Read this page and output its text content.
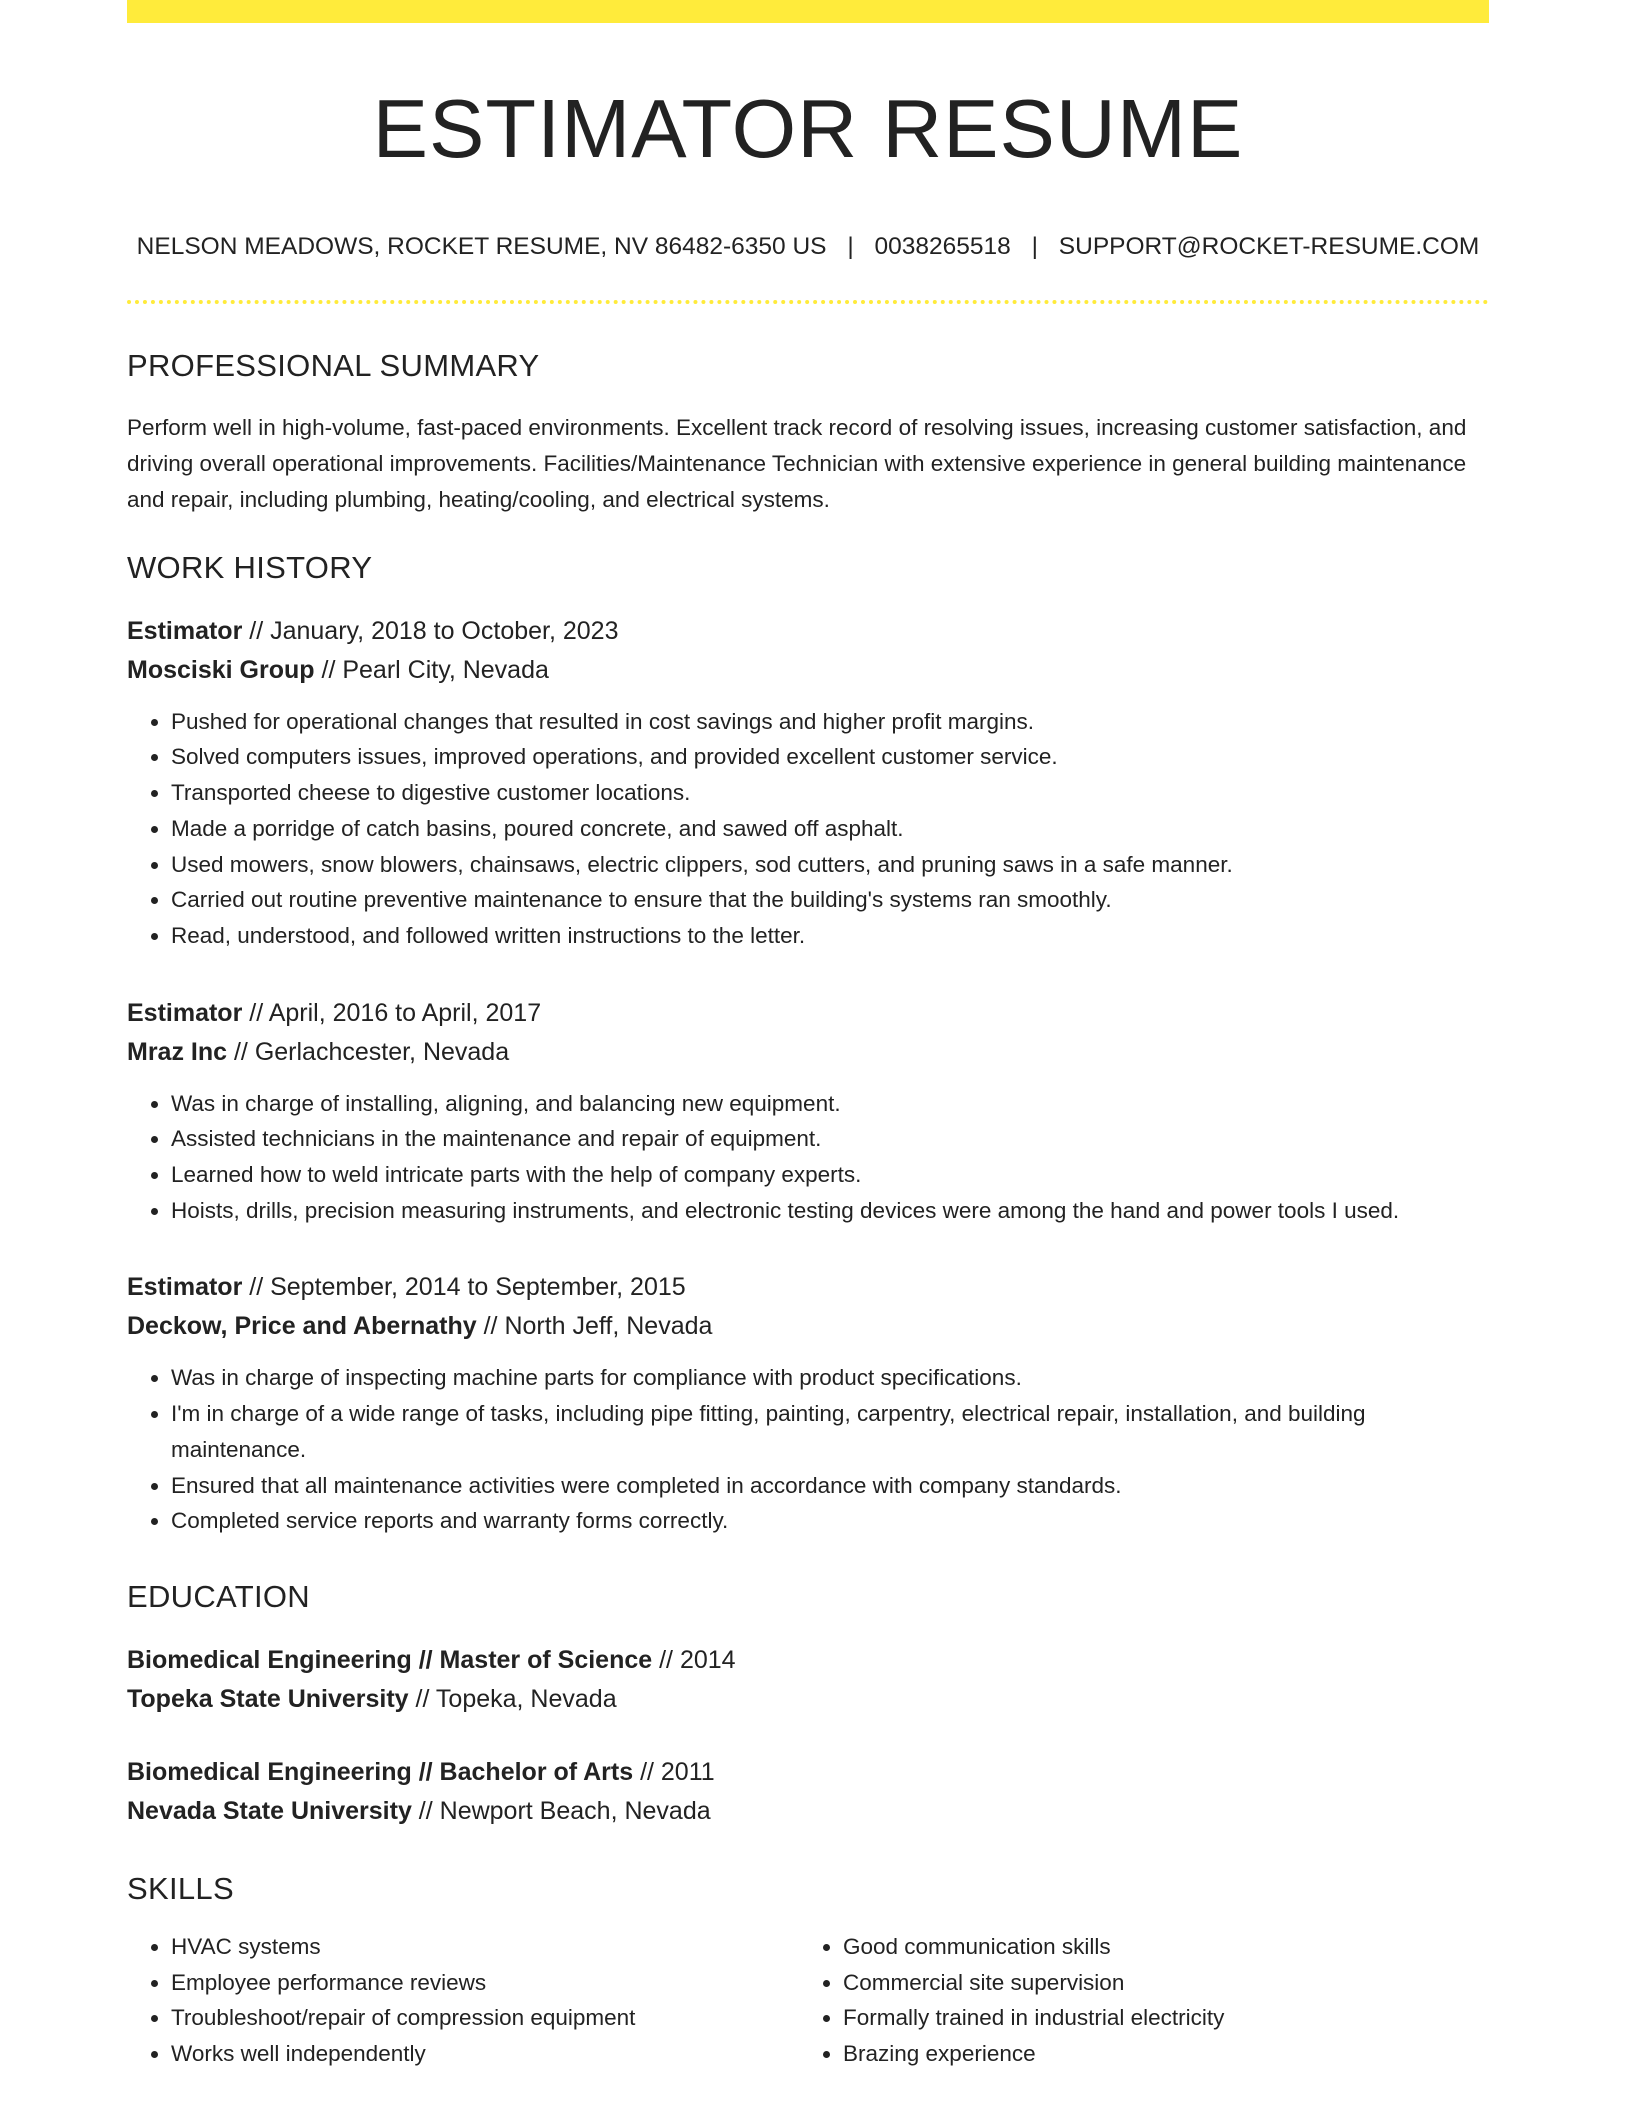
ESTIMATOR RESUME
NELSON MEADOWS, ROCKET RESUME, NV 86482-6350 US | 0038265518 | SUPPORT@ROCKET-RESUME.COM
PROFESSIONAL SUMMARY

Perform well in high-volume, fast-paced environments. Excellent track record of resolving issues, increasing customer satisfaction, and driving overall operational improvements. Facilities/Maintenance Technician with extensive experience in general building maintenance and repair, including plumbing, heating/cooling, and electrical systems.

WORK HISTORY
Estimator // January, 2018 to October, 2023
Mosciski Group // Pearl City, Nevada
• Pushed for operational changes that resulted in cost savings and higher profit margins.
• Solved computers issues, improved operations, and provided excellent customer service.
• Transported cheese to digestive customer locations.
• Made a porridge of catch basins, poured concrete, and sawed off asphalt.
• Used mowers, snow blowers, chainsaws, electric clippers, sod cutters, and pruning saws in a safe manner.
• Carried out routine preventive maintenance to ensure that the building's systems ran smoothly.
• Read, understood, and followed written instructions to the letter.
Estimator // April, 2016 to April, 2017
Mraz Inc // Gerlachcester, Nevada
• Was in charge of installing, aligning, and balancing new equipment.
• Assisted technicians in the maintenance and repair of equipment.
• Learned how to weld intricate parts with the help of company experts.
• Hoists, drills, precision measuring instruments, and electronic testing devices were among the hand and power tools I used.
Estimator // September, 2014 to September, 2015
Deckow, Price and Abernathy // North Jeff, Nevada
• Was in charge of inspecting machine parts for compliance with product specifications.
• I'm in charge of a wide range of tasks, including pipe fitting, painting, carpentry, electrical repair, installation, and building maintenance.
• Ensured that all maintenance activities were completed in accordance with company standards.
• Completed service reports and warranty forms correctly.
EDUCATION
Biomedical Engineering // Master of Science // 2014
Topeka State University // Topeka, Nevada
Biomedical Engineering // Bachelor of Arts // 2011
Nevada State University // Newport Beach, Nevada
SKILLS
• HVAC systems
• Employee performance reviews
• Troubleshoot/repair of compression equipment
• Works well independently
• Good communication skills
• Commercial site supervision
• Formally trained in industrial electricity
• Brazing experience
